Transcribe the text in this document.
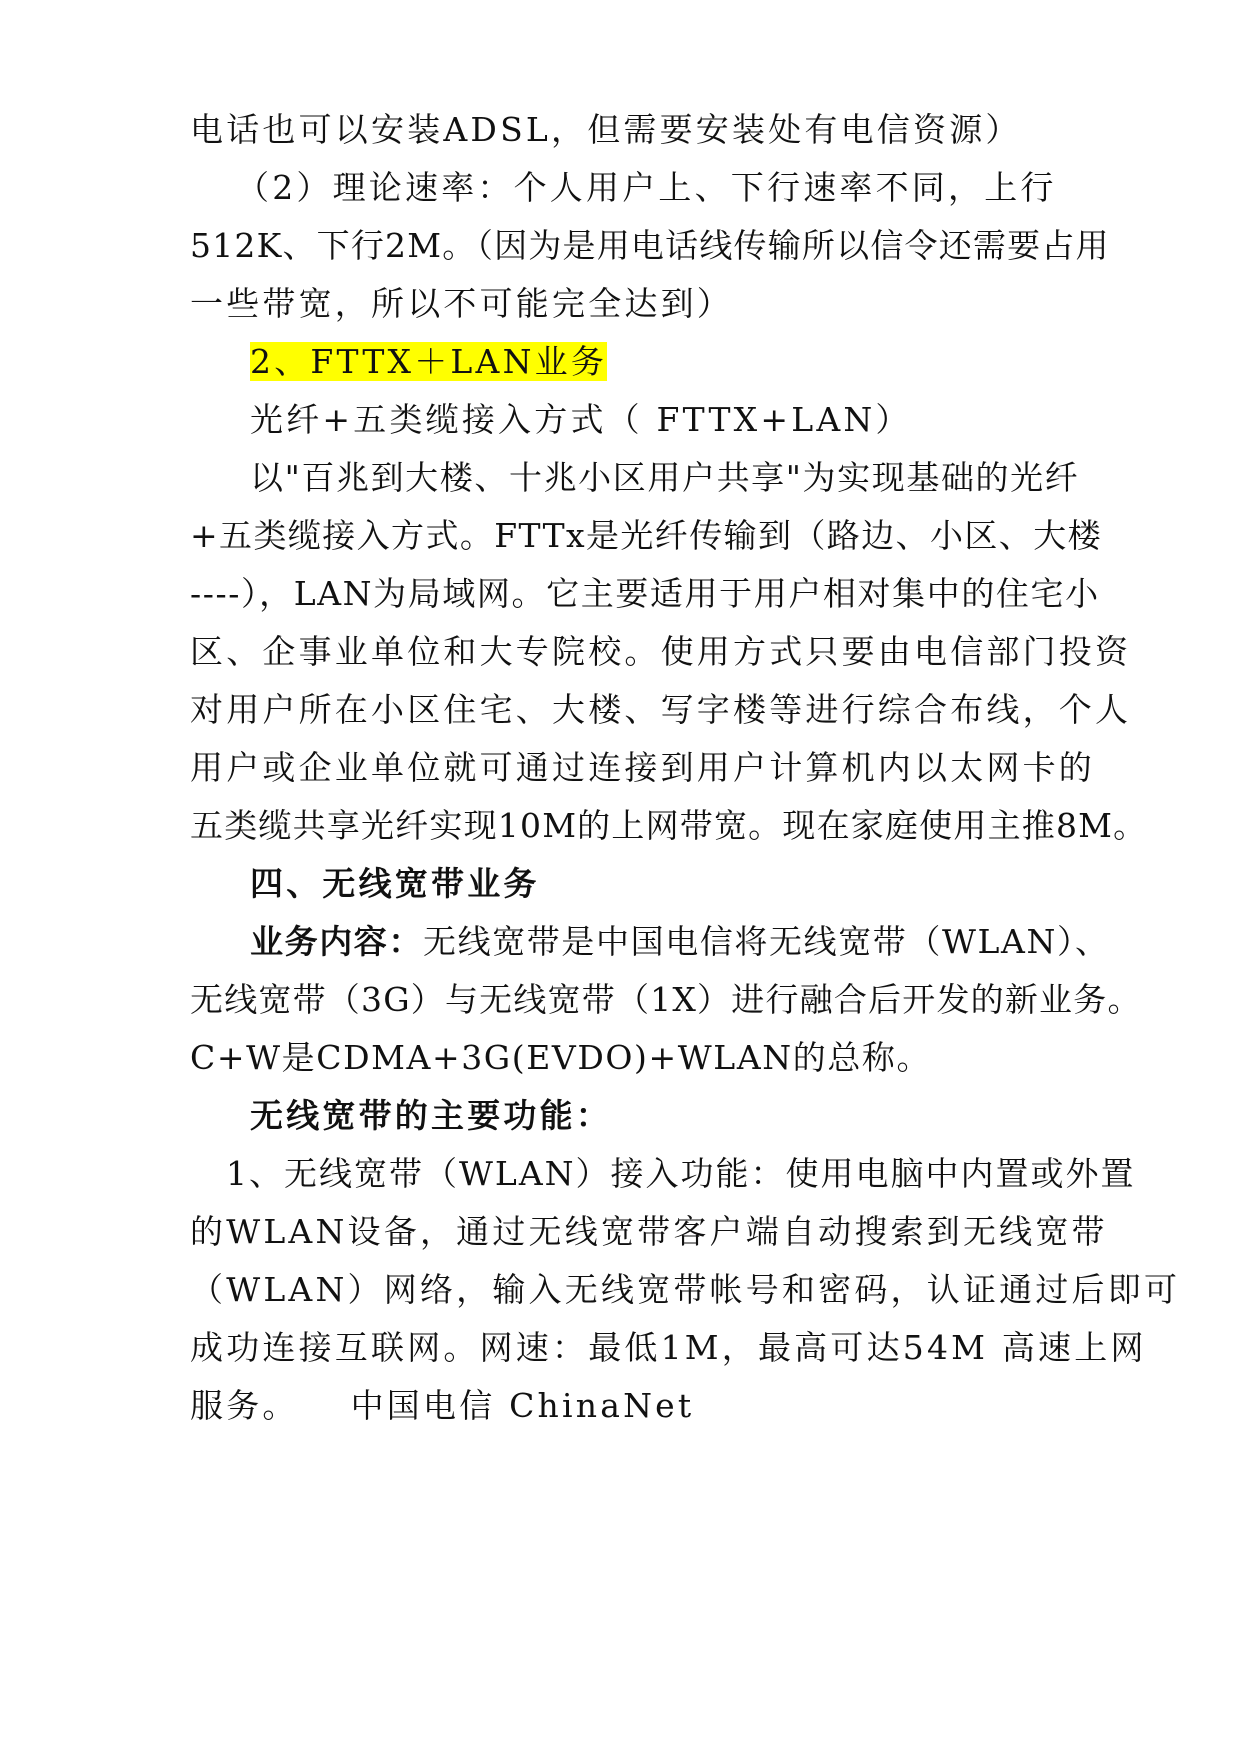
电话也可以安装ADSL，但需要安装处有电信资源）
（2）理论速率：个人用户上、下行速率不同，上行
512K、下行2M。（因为是用电话线传输所以信令还需要占用
一些带宽，所以不可能完全达到）
2、FTTX＋LAN业务
光纤+五类缆接入方式（ FTTX+LAN）
以"百兆到大楼、十兆小区用户共享"为实现基础的光纤
+五类缆接入方式。FTTx是光纤传输到（路边、小区、大楼
----），LAN为局域网。它主要适用于用户相对集中的住宅小
区、企事业单位和大专院校。使用方式只要由电信部门投资
对用户所在小区住宅、大楼、写字楼等进行综合布线，个人
用户或企业单位就可通过连接到用户计算机内以太网卡的
五类缆共享光纤实现10M的上网带宽。现在家庭使用主推8M。
四、无线宽带业务
业务内容：无线宽带是中国电信将无线宽带（WLAN）、
无线宽带（3G）与无线宽带（1X）进行融合后开发的新业务。
C+W是CDMA+3G(EVDO)+WLAN的总称。
无线宽带的主要功能：
1、无线宽带（WLAN）接入功能：使用电脑中内置或外置
的WLAN设备，通过无线宽带客户端自动搜索到无线宽带
（WLAN）网络，输入无线宽带帐号和密码，认证通过后即可
成功连接互联网。网速：最低1M，最高可达54M 高速上网
服务。 中国电信 ChinaNet
